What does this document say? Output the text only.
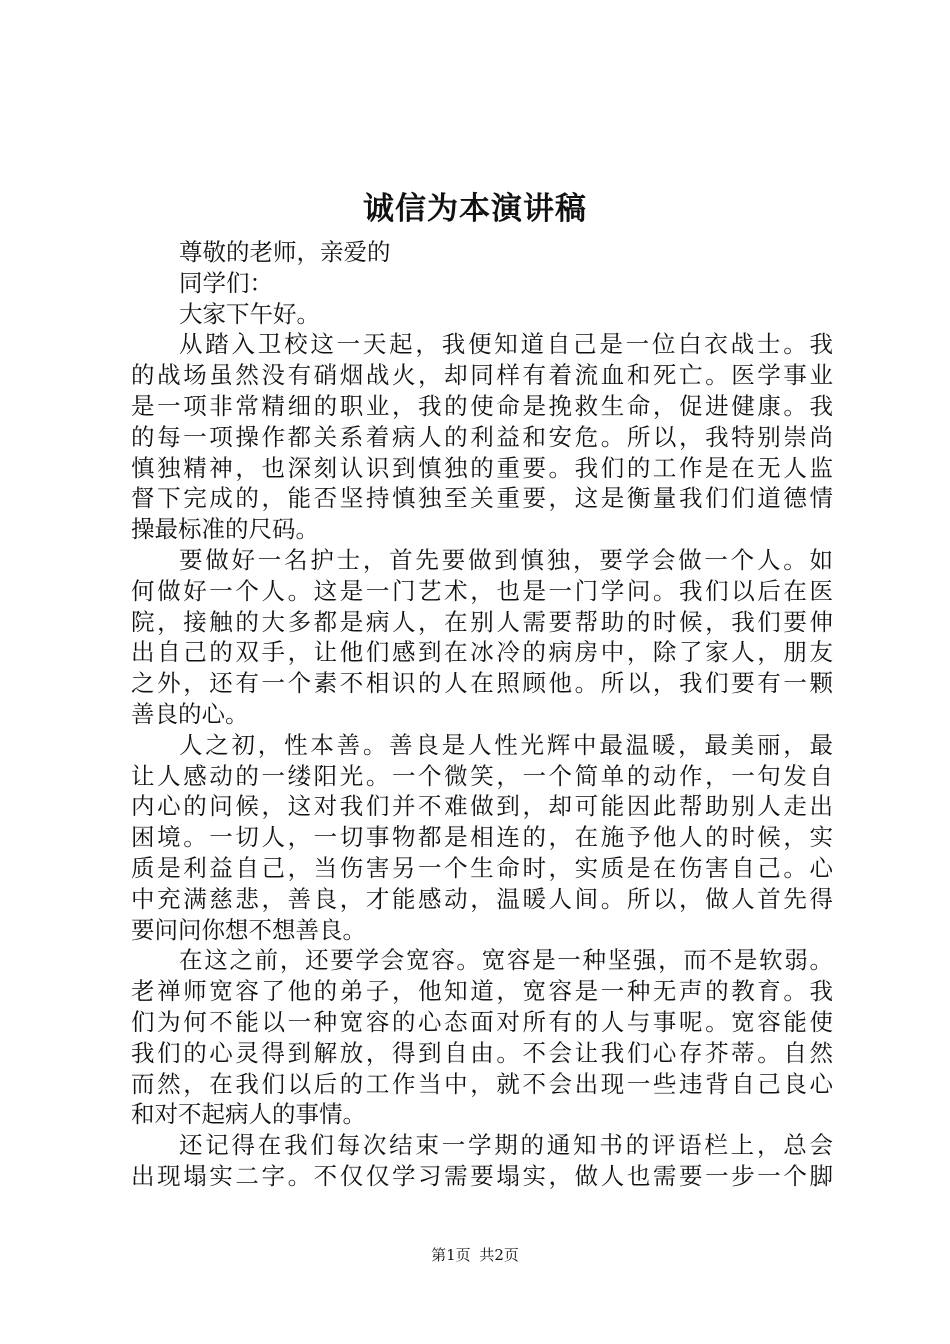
诚信为本演讲稿
尊敬的老师，亲爱的
同学们：
大家下午好。
从踏入卫校这一天起，我便知道自己是一位白衣战士。我
的战场虽然没有硝烟战火，却同样有着流血和死亡。医学事业
是一项非常精细的职业，我的使命是挽救生命，促进健康。我
的每一项操作都关系着病人的利益和安危。所以，我特别崇尚
慎独精神，也深刻认识到慎独的重要。我们的工作是在无人监
督下完成的，能否坚持慎独至关重要，这是衡量我们们道德情
操最标准的尺码。
要做好一名护士，首先要做到慎独，要学会做一个人。如
何做好一个人。这是一门艺术，也是一门学问。我们以后在医
院，接触的大多都是病人，在别人需要帮助的时候，我们要伸
出自己的双手，让他们感到在冰冷的病房中，除了家人，朋友
之外，还有一个素不相识的人在照顾他。所以，我们要有一颗
善良的心。
人之初，性本善。善良是人性光辉中最温暖，最美丽，最
让人感动的一缕阳光。一个微笑，一个简单的动作，一句发自
内心的问候，这对我们并不难做到，却可能因此帮助别人走出
困境。一切人，一切事物都是相连的，在施予他人的时候，实
质是利益自己，当伤害另一个生命时，实质是在伤害自己。心
中充满慈悲，善良，才能感动，温暖人间。所以，做人首先得
要问问你想不想善良。
在这之前，还要学会宽容。宽容是一种坚强，而不是软弱。
老禅师宽容了他的弟子，他知道，宽容是一种无声的教育。我
们为何不能以一种宽容的心态面对所有的人与事呢。宽容能使
我们的心灵得到解放，得到自由。不会让我们心存芥蒂。自然
而然，在我们以后的工作当中，就不会出现一些违背自己良心
和对不起病人的事情。
还记得在我们每次结束一学期的通知书的评语栏上，总会
出现塌实二字。不仅仅学习需要塌实，做人也需要一步一个脚
第1页 共2页
